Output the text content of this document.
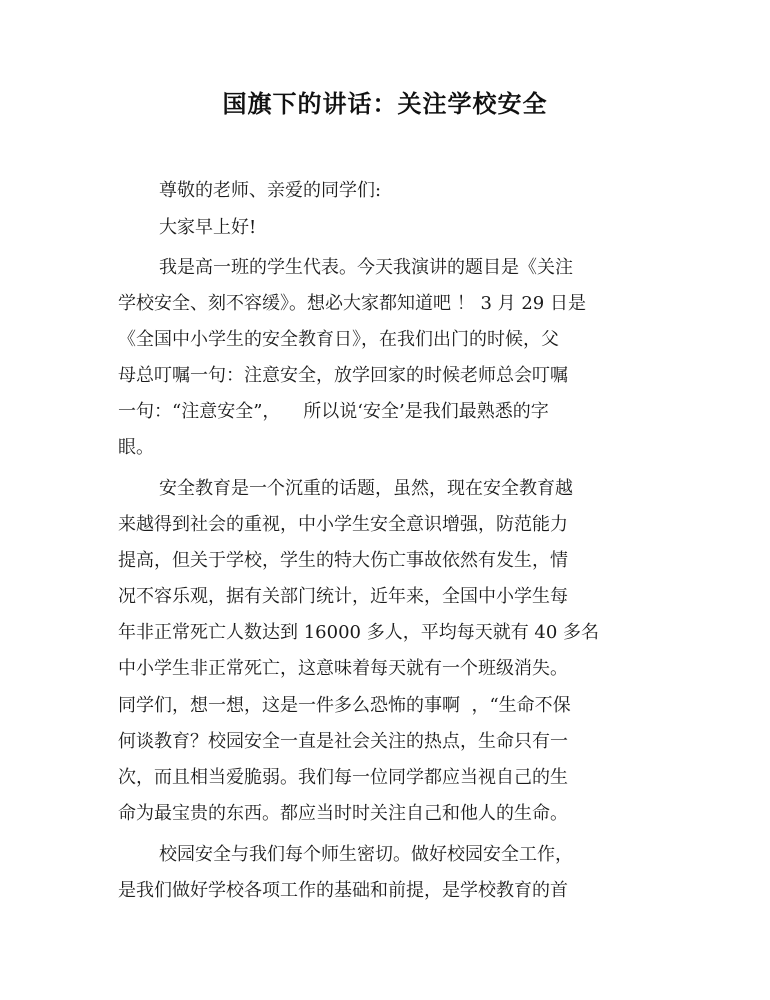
国旗下的讲话：关注学校安全
尊敬的老师、亲爱的同学们:
大家早上好!
我是高一班的学生代表。今天我演讲的题目是《关注
学校安全、刻不容缓》。想必大家都知道吧 ！ 3 月 29 日是
《全国中小学生的安全教育日》，在我们出门的时候，父
母总叮嘱一句：注意安全，放学回家的时候老师总会叮嘱
一句：“注意安全”，    所以说‘安全’是我们最熟悉的字
眼。
安全教育是一个沉重的话题，虽然，现在安全教育越
来越得到社会的重视，中小学生安全意识增强，防范能力
提高，但关于学校，学生的特大伤亡事故依然有发生，情
况不容乐观，据有关部门统计，近年来，全国中小学生每
年非正常死亡人数达到 16000 多人，平均每天就有 40 多名
中小学生非正常死亡，这意味着每天就有一个班级消失。
同学们，想一想，这是一件多么恐怖的事啊  ，“生命不保
何谈教育？校园安全一直是社会关注的热点，生命只有一
次，而且相当爱脆弱。我们每一位同学都应当视自己的生
命为最宝贵的东西。都应当时时关注自己和他人的生命。
校园安全与我们每个师生密切。做好校园安全工作，
是我们做好学校各项工作的基础和前提，是学校教育的首
